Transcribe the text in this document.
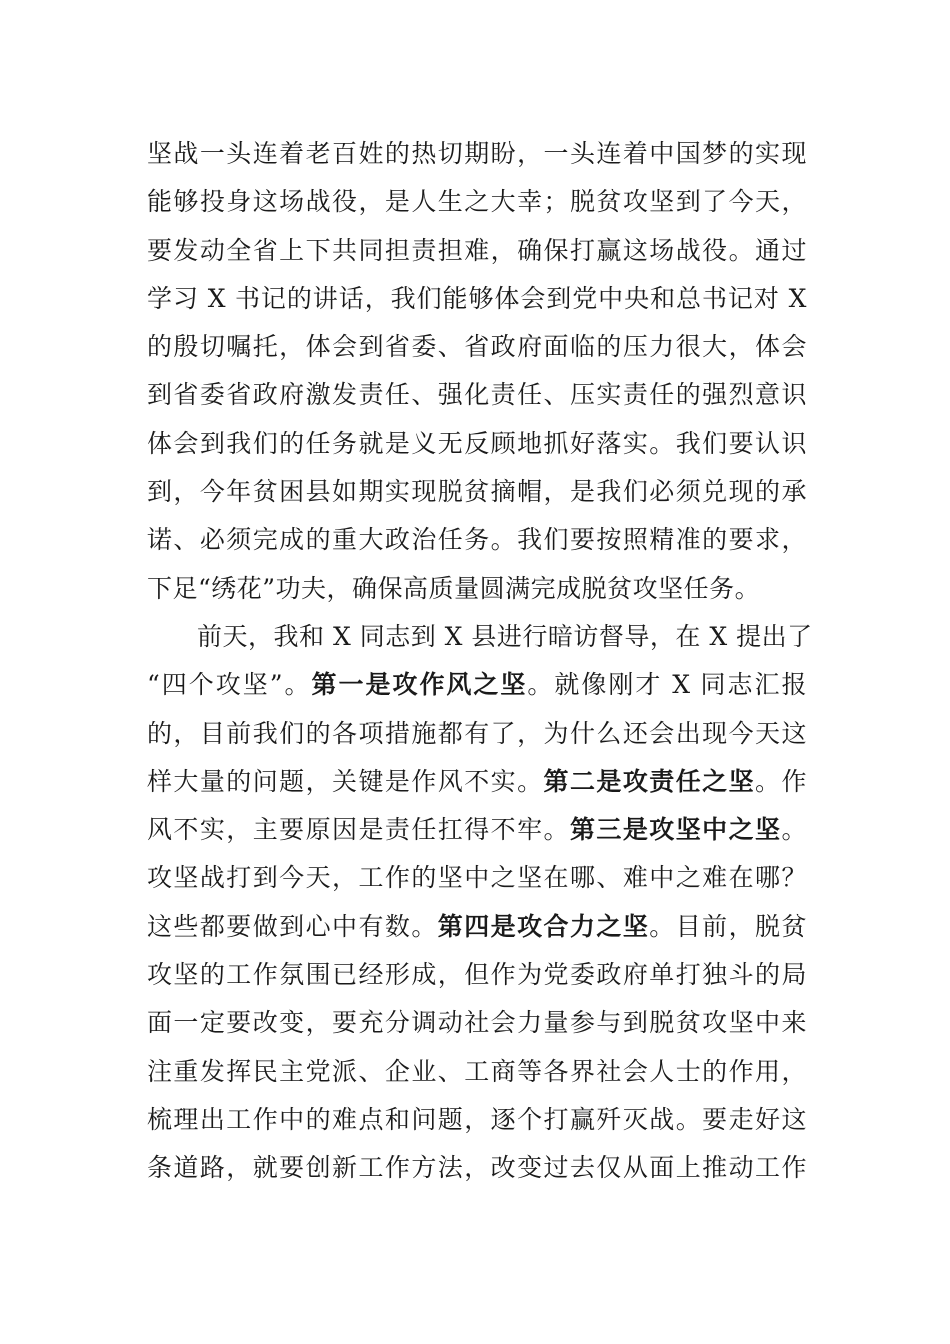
坚战一头连着老百姓的热切期盼，一头连着中国梦的实现
能够投身这场战役，是人生之大幸；脱贫攻坚到了今天，
要发动全省上下共同担责担难，确保打赢这场战役。通过
学习 X 书记的讲话，我们能够体会到党中央和总书记对 X
的殷切嘱托，体会到省委、省政府面临的压力很大，体会
到省委省政府激发责任、强化责任、压实责任的强烈意识
体会到我们的任务就是义无反顾地抓好落实。我们要认识
到，今年贫困县如期实现脱贫摘帽，是我们必须兑现的承
诺、必须完成的重大政治任务。我们要按照精准的要求，
下足“绣花”功夫，确保高质量圆满完成脱贫攻坚任务。
前天，我和 X 同志到 X 县进行暗访督导，在 X 提出了
“四个攻坚”。第一是攻作风之坚。就像刚才 X 同志汇报
的，目前我们的各项措施都有了，为什么还会出现今天这
样大量的问题，关键是作风不实。第二是攻责任之坚。作
风不实，主要原因是责任扛得不牢。第三是攻坚中之坚。
攻坚战打到今天，工作的坚中之坚在哪、难中之难在哪？
这些都要做到心中有数。第四是攻合力之坚。目前，脱贫
攻坚的工作氛围已经形成，但作为党委政府单打独斗的局
面一定要改变，要充分调动社会力量参与到脱贫攻坚中来
注重发挥民主党派、企业、工商等各界社会人士的作用，
梳理出工作中的难点和问题，逐个打赢歼灭战。要走好这
条道路，就要创新工作方法，改变过去仅从面上推动工作
